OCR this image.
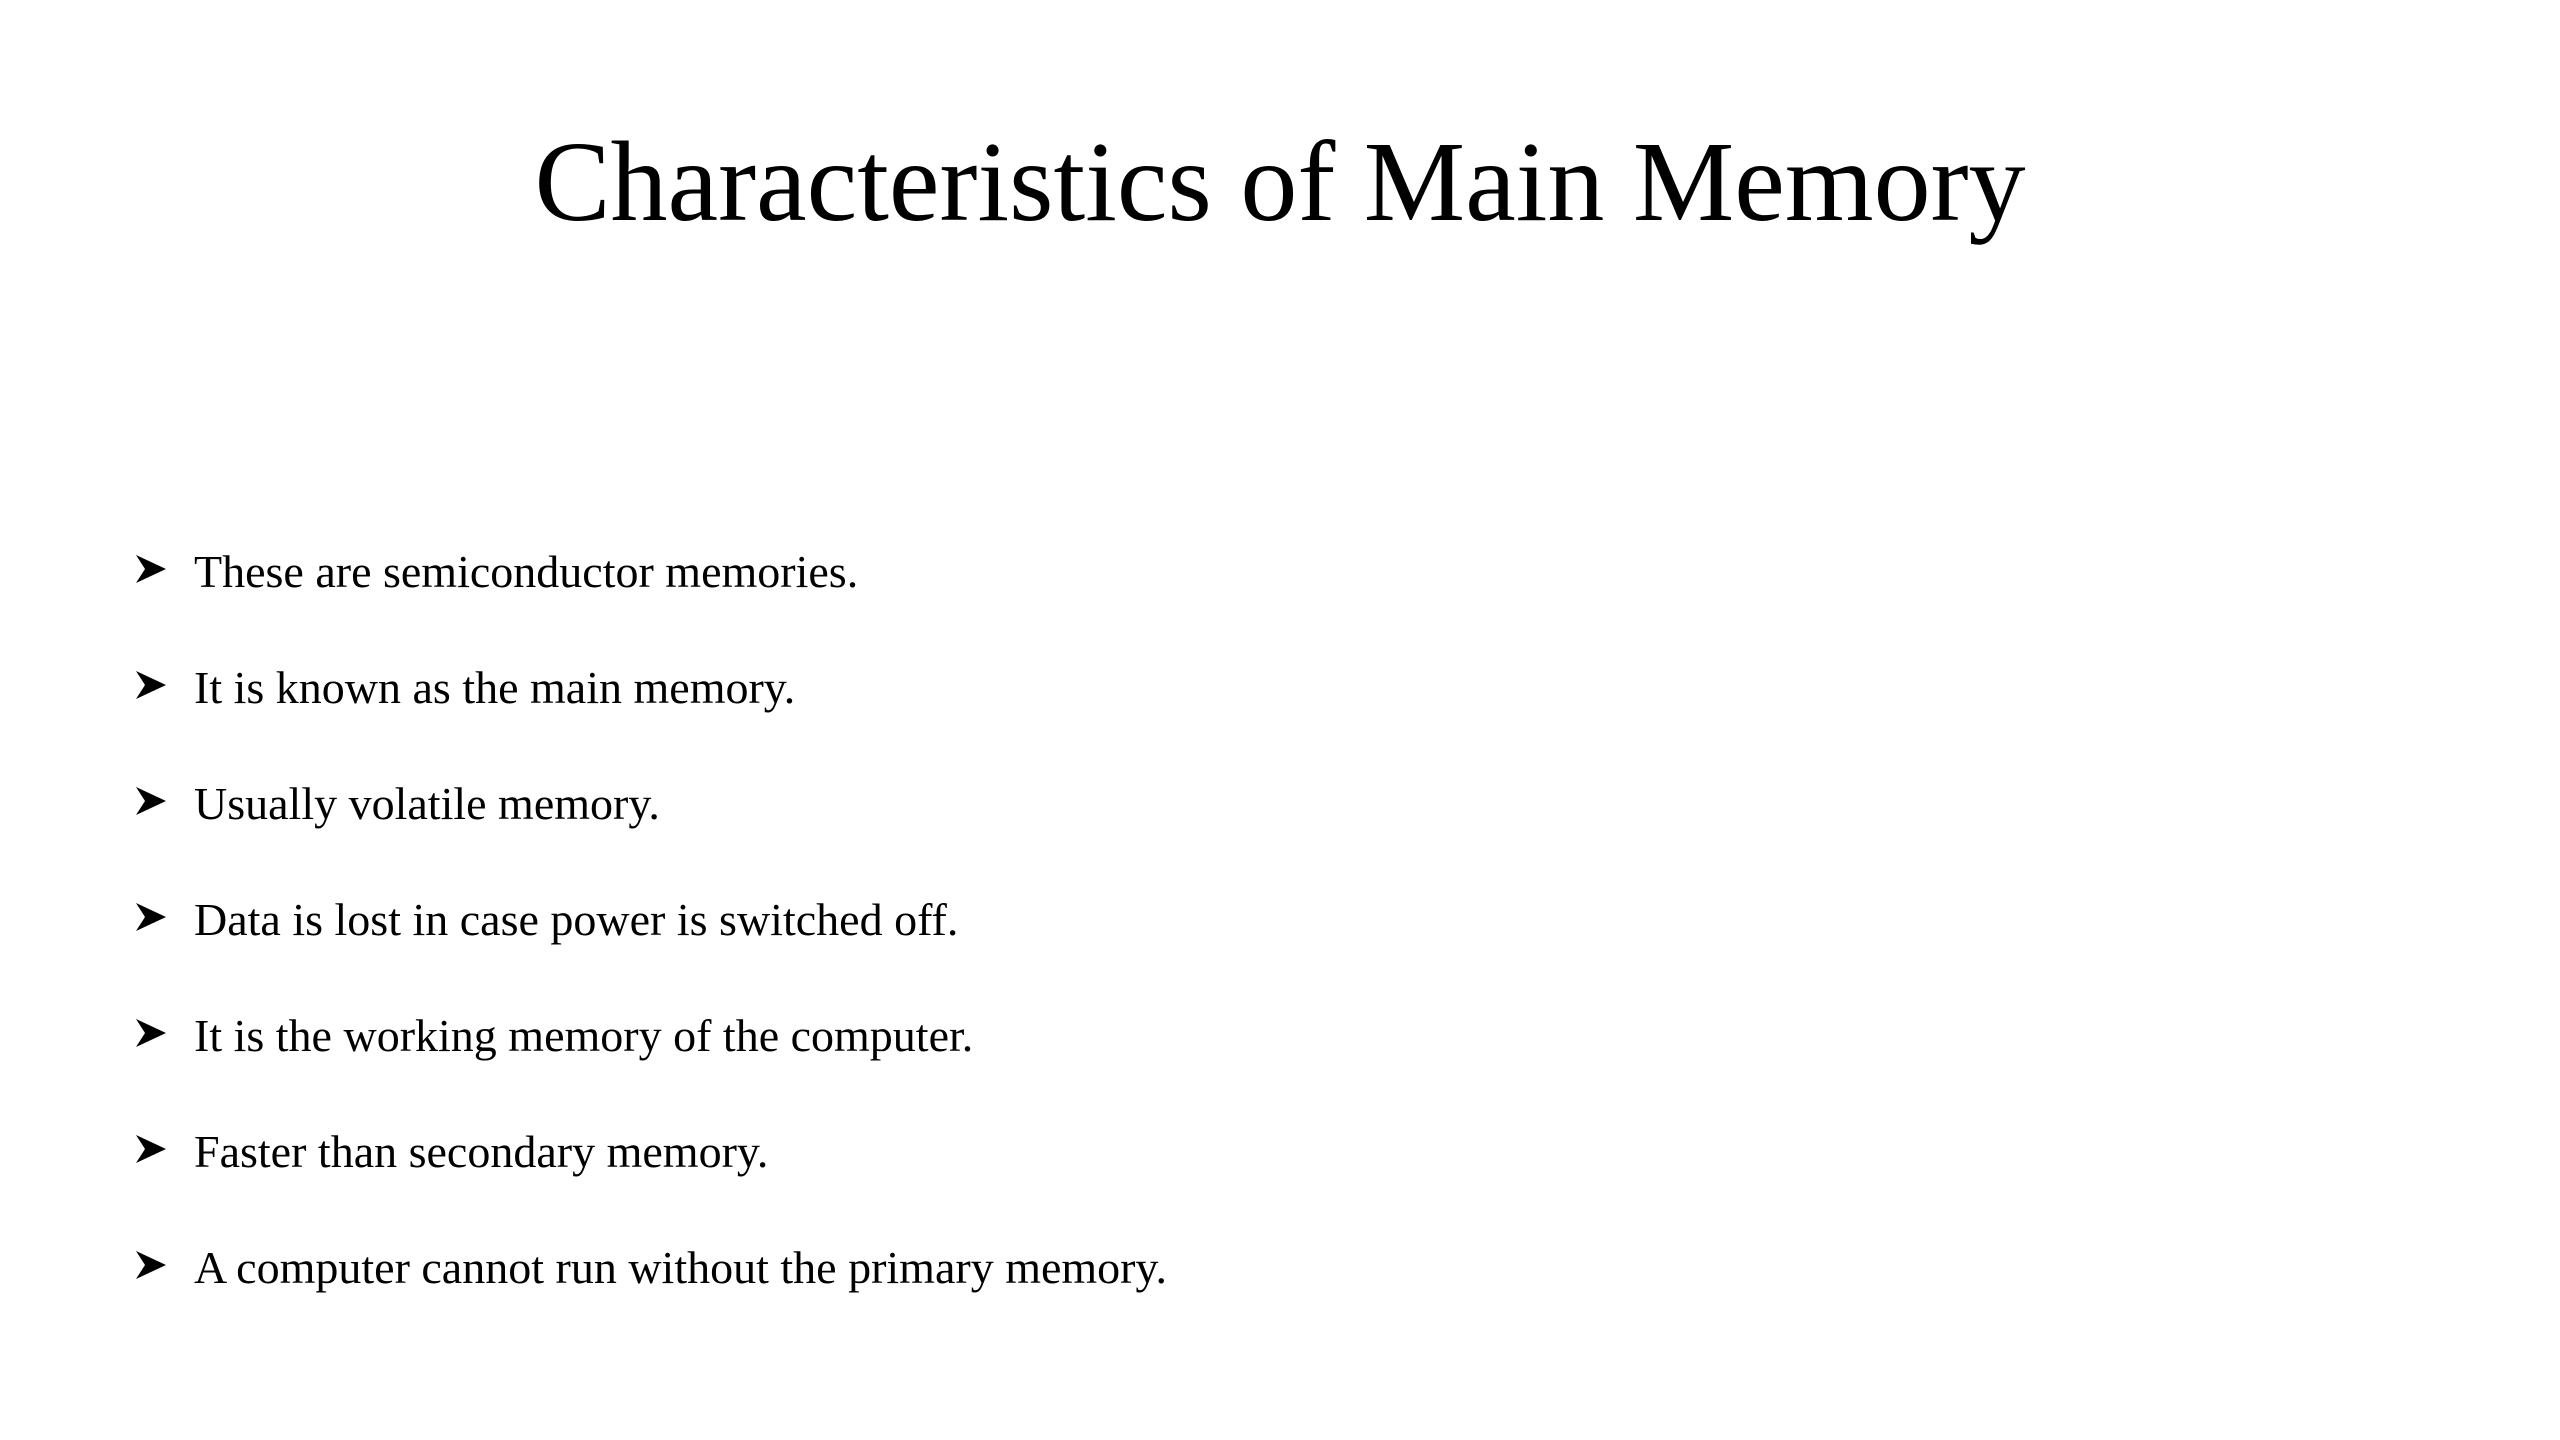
Characteristics of Main Memory
These are semiconductor memories.
It is known as the main memory.
Usually volatile memory.
Data is lost in case power is switched off.
It is the working memory of the computer.
Faster than secondary memory.
A computer cannot run without the primary memory.
